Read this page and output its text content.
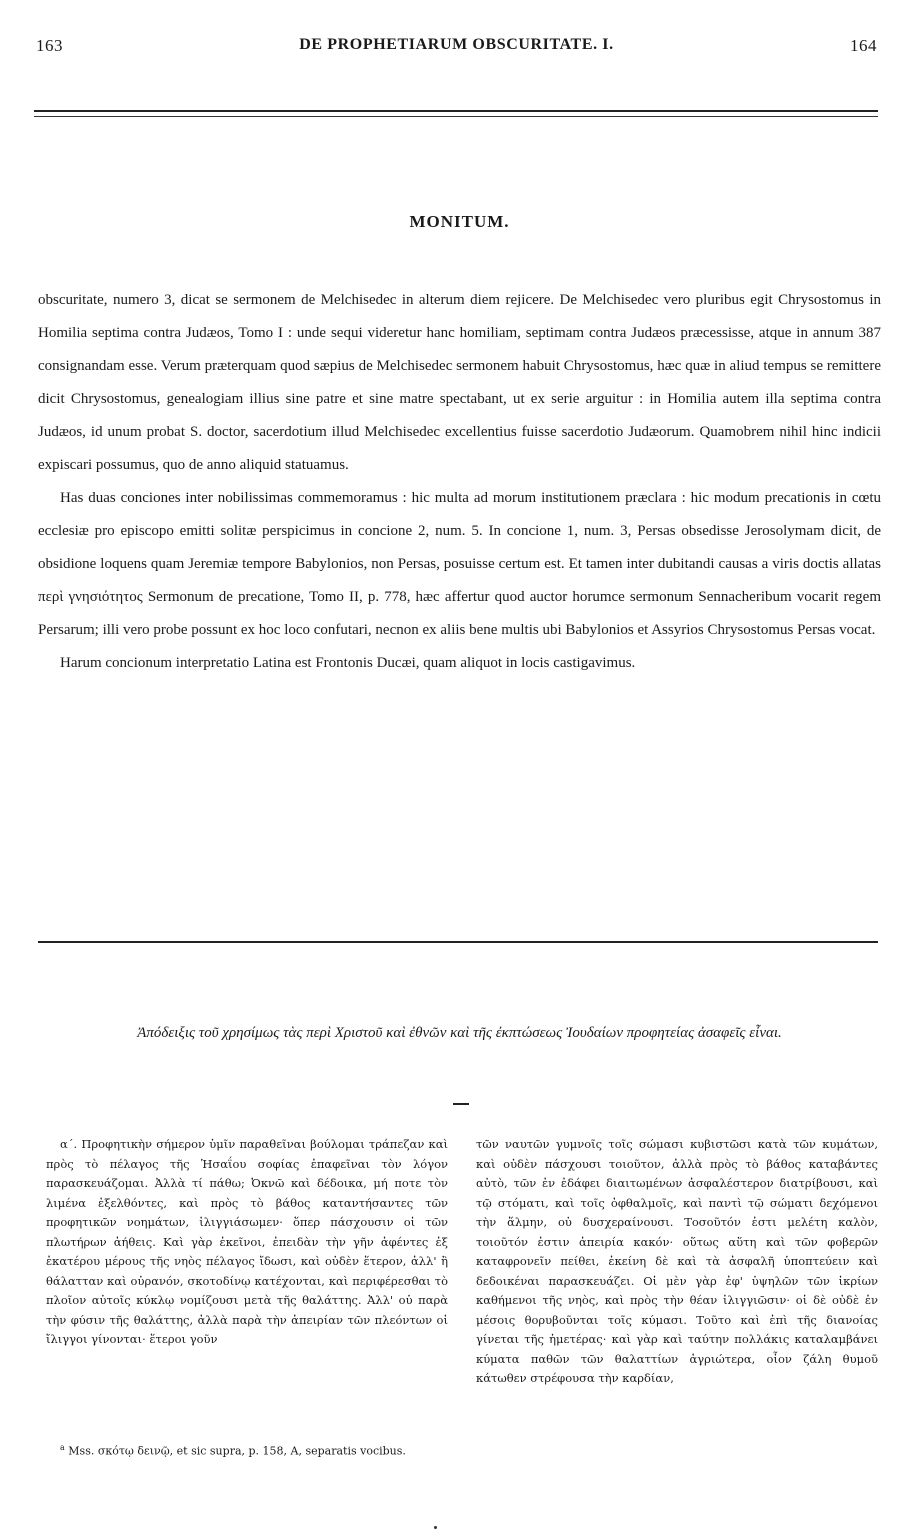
163	DE PROPHETIARUM OBSCURITATE. I.	164
MONITUM.

obscuritate, numero 3, dicat se sermonem de Melchisedec in alterum diem rejicere. De Melchisedec vero pluribus egit Chrysostomus in Homilia septima contra Judæos, Tomo I : unde sequi videretur hanc homiliam, septimam contra Judæos præcessisse, atque in annum 387 consignandam esse. Verum præterquam quod sæpius de Melchisedec sermonem habuit Chrysostomus, hæc quæ in aliud tempus se remittere dicit Chrysostomus, genealogiam illius sine patre et sine matre spectabant, ut ex serie arguitur : in Homilia autem illa septima contra Judæos, id unum probat S. doctor, sacerdotium illud Melchisedec excellentius fuisse sacerdotio Judæorum. Quamobrem nihil hinc indicii expiscari possumus, quo de anno aliquid statuamus.

Has duas conciones inter nobilissimas commemoramus : hic multa ad morum institutionem præclara : hic modum precationis in cœtu ecclesiæ pro episcopo emitti solitæ perspicimus in concione 2, num. 5. In concione 1, num. 3, Persas obsedisse Jerosolymam dicit, de obsidione loquens quam Jeremiæ tempore Babylonios, non Persas, posuisse certum est. Et tamen inter dubitandi causas a viris doctis allatas περὶ γνησιότητος Sermonum de precatione, Tomo II, p. 778, hæc affertur quod auctor horumce sermonum Sennacheribum vocarit regem Persarum; illi vero probe possunt ex hoc loco confutari, necnon ex aliis bene multis ubi Babylonios et Assyrios Chrysostomus Persas vocat.

Harum concionum interpretatio Latina est Frontonis Ducæi, quam aliquot in locis castigavimus.

Ἀπόδειξις τοῦ χρησίμως τὰς περὶ Χριστοῦ καὶ ἐθνῶν καὶ τῆς ἐκπτώσεως Ἰουδαίων προφητείας ἀσαφεῖς εἶναι.

α΄. Προφητικὴν σήμερον ὑμῖν παραθεῖναι βούλομαι τράπεζαν καὶ πρὸς τὸ πέλαγος τῆς Ἡσαΐου σοφίας ἐπαφεῖναι τὸν λόγον παρασκευάζομαι. Ἀλλὰ τί πάθω; Ὀκνῶ καὶ δέδοικα, μή ποτε τὸν λιμένα ἐξελθόντες, καὶ πρὸς τὸ βάθος καταντήσαντες τῶν προφητικῶν νοημάτων, ἰλιγγιάσωμεν· ὅπερ πάσχουσιν οἱ τῶν πλωτήρων ἀήθεις. Καὶ γὰρ ἐκεῖνοι, ἐπειδὰν τὴν γῆν ἀφέντες ἐξ ἑκατέρου μέρους τῆς νηὸς πέλαγος ἴδωσι, καὶ οὐδὲν ἕτερον, ἀλλ' ἢ θάλατταν καὶ οὐρανόν, σκοτοδίνῳ κατέχονται, καὶ περιφέρεσθαι τὸ πλοῖον αὐτοῖς κύκλῳ νομίζουσι μετὰ τῆς θαλάττης. Ἀλλ' οὐ παρὰ τὴν φύσιν τῆς θαλάττης, ἀλλὰ παρὰ τὴν ἀπειρίαν τῶν πλεόντων οἱ ἴλιγγοι γίνονται· ἕτεροι γοῦν

τῶν ναυτῶν γυμνοῖς τοῖς σώμασι κυβιστῶσι κατὰ τῶν κυμάτων, καὶ οὐδὲν πάσχουσι τοιοῦτον, ἀλλὰ πρὸς τὸ βάθος καταβάντες αὐτὸ, τῶν ἐν ἐδάφει διαιτωμένων ἀσφαλέστερον διατρίβουσι, καὶ τῷ στόματι, καὶ τοῖς ὀφθαλμοῖς, καὶ παντὶ τῷ σώματι δεχόμενοι τὴν ἅλμην, οὐ δυσχεραίνουσι. Τοσοῦτόν ἐστι μελέτη καλὸν, τοιοῦτόν ἐστιν ἀπειρία κακόν· οὕτως αὕτη καὶ τῶν φοβερῶν καταφρονεῖν πείθει, ἐκείνη δὲ καὶ τὰ ἀσφαλῆ ὑποπτεύειν καὶ δεδοικέναι παρασκευάζει. Οἱ μὲν γὰρ ἐφ' ὑψηλῶν τῶν ἰκρίων καθήμενοι τῆς νηὸς, καὶ πρὸς τὴν θέαν ἰλιγγιῶσιν· οἱ δὲ οὐδὲ ἐν μέσοις θορυβοῦνται τοῖς κύμασι. Τοῦτο καὶ ἐπὶ τῆς διανοίας γίνεται τῆς ἡμετέρας· καὶ γὰρ καὶ ταύτην πολλάκις καταλαμβάνει κύματα παθῶν τῶν θαλαττίων ἀγριώτερα, οἷον ζάλη θυμοῦ κάτωθεν στρέφουσα τὴν καρδίαν,

$^a$ Mss. σκότῳ δεινῷ, et sic supra, p. 158, A, separatis vocibus.
